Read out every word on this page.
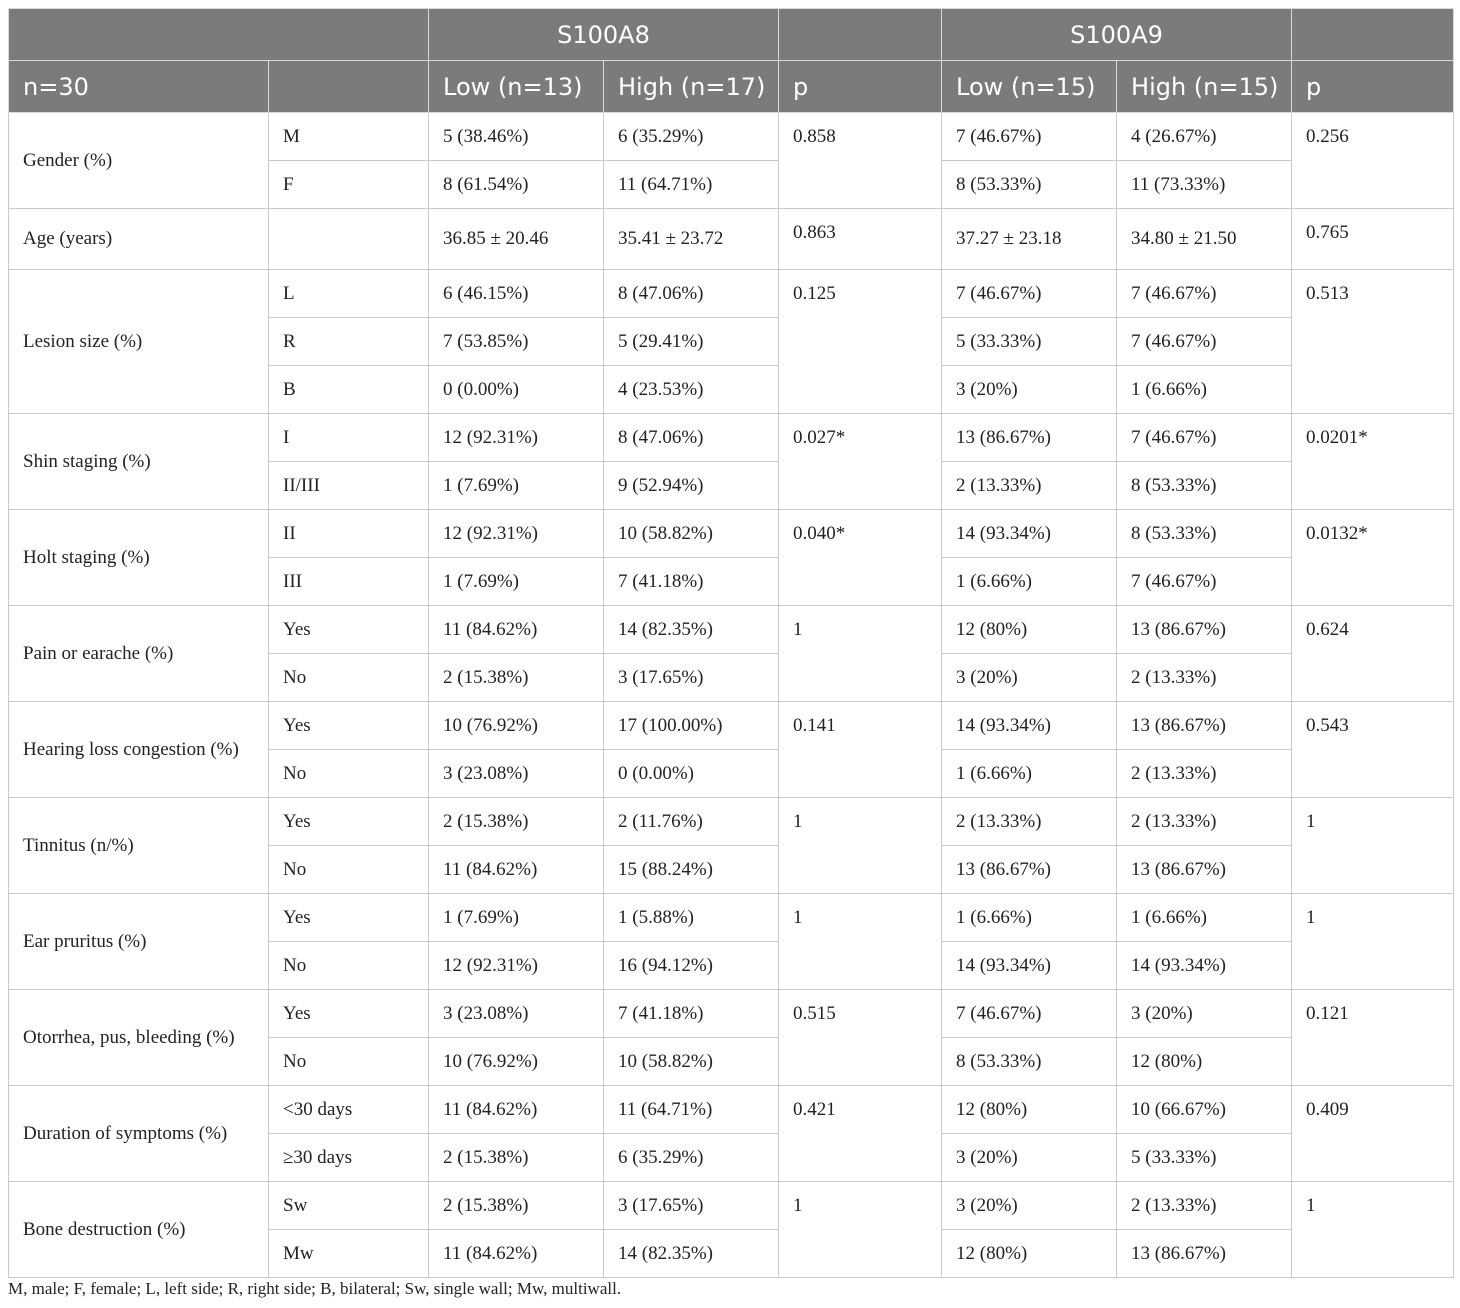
		S100A8			S100A9		
n=30		Low (n=13)	High (n=17)	p	Low (n=15)	High (n=15)	p
Gender (%)	M	5 (38.46%)	6 (35.29%)	0.858	7 (46.67%)	4 (26.67%)	0.256
	F	8 (61.54%)	11 (64.71%)		8 (53.33%)	11 (73.33%)	
Age (years)		36.85 ± 20.46	35.41 ± 23.72	0.863	37.27 ± 23.18	34.80 ± 21.50	0.765
Lesion size (%)	L	6 (46.15%)	8 (47.06%)	0.125	7 (46.67%)	7 (46.67%)	0.513
	R	7 (53.85%)	5 (29.41%)		5 (33.33%)	7 (46.67%)	
	B	0 (0.00%)	4 (23.53%)		3 (20%)	1 (6.66%)	
Shin staging (%)	I	12 (92.31%)	8 (47.06%)	0.027*	13 (86.67%)	7 (46.67%)	0.0201*
	II/III	1 (7.69%)	9 (52.94%)		2 (13.33%)	8 (53.33%)	
Holt staging (%)	II	12 (92.31%)	10 (58.82%)	0.040*	14 (93.34%)	8 (53.33%)	0.0132*
	III	1 (7.69%)	7 (41.18%)		1 (6.66%)	7 (46.67%)	
Pain or earache (%)	Yes	11 (84.62%)	14 (82.35%)	1	12 (80%)	13 (86.67%)	0.624
	No	2 (15.38%)	3 (17.65%)		3 (20%)	2 (13.33%)	
Hearing loss congestion (%)	Yes	10 (76.92%)	17 (100.00%)	0.141	14 (93.34%)	13 (86.67%)	0.543
	No	3 (23.08%)	0 (0.00%)		1 (6.66%)	2 (13.33%)	
Tinnitus (n/%)	Yes	2 (15.38%)	2 (11.76%)	1	2 (13.33%)	2 (13.33%)	1
	No	11 (84.62%)	15 (88.24%)		13 (86.67%)	13 (86.67%)	
Ear pruritus (%)	Yes	1 (7.69%)	1 (5.88%)	1	1 (6.66%)	1 (6.66%)	1
	No	12 (92.31%)	16 (94.12%)		14 (93.34%)	14 (93.34%)	
Otorrhea, pus, bleeding (%)	Yes	3 (23.08%)	7 (41.18%)	0.515	7 (46.67%)	3 (20%)	0.121
	No	10 (76.92%)	10 (58.82%)		8 (53.33%)	12 (80%)	
Duration of symptoms (%)	<30 days	11 (84.62%)	11 (64.71%)	0.421	12 (80%)	10 (66.67%)	0.409
	≥30 days	2 (15.38%)	6 (35.29%)		3 (20%)	5 (33.33%)	
Bone destruction (%)	Sw	2 (15.38%)	3 (17.65%)	1	3 (20%)	2 (13.33%)	1
	Mw	11 (84.62%)	14 (82.35%)		12 (80%)	13 (86.67%)	
M, male; F, female; L, left side; R, right side; B, bilateral; Sw, single wall; Mw, multiwall.
